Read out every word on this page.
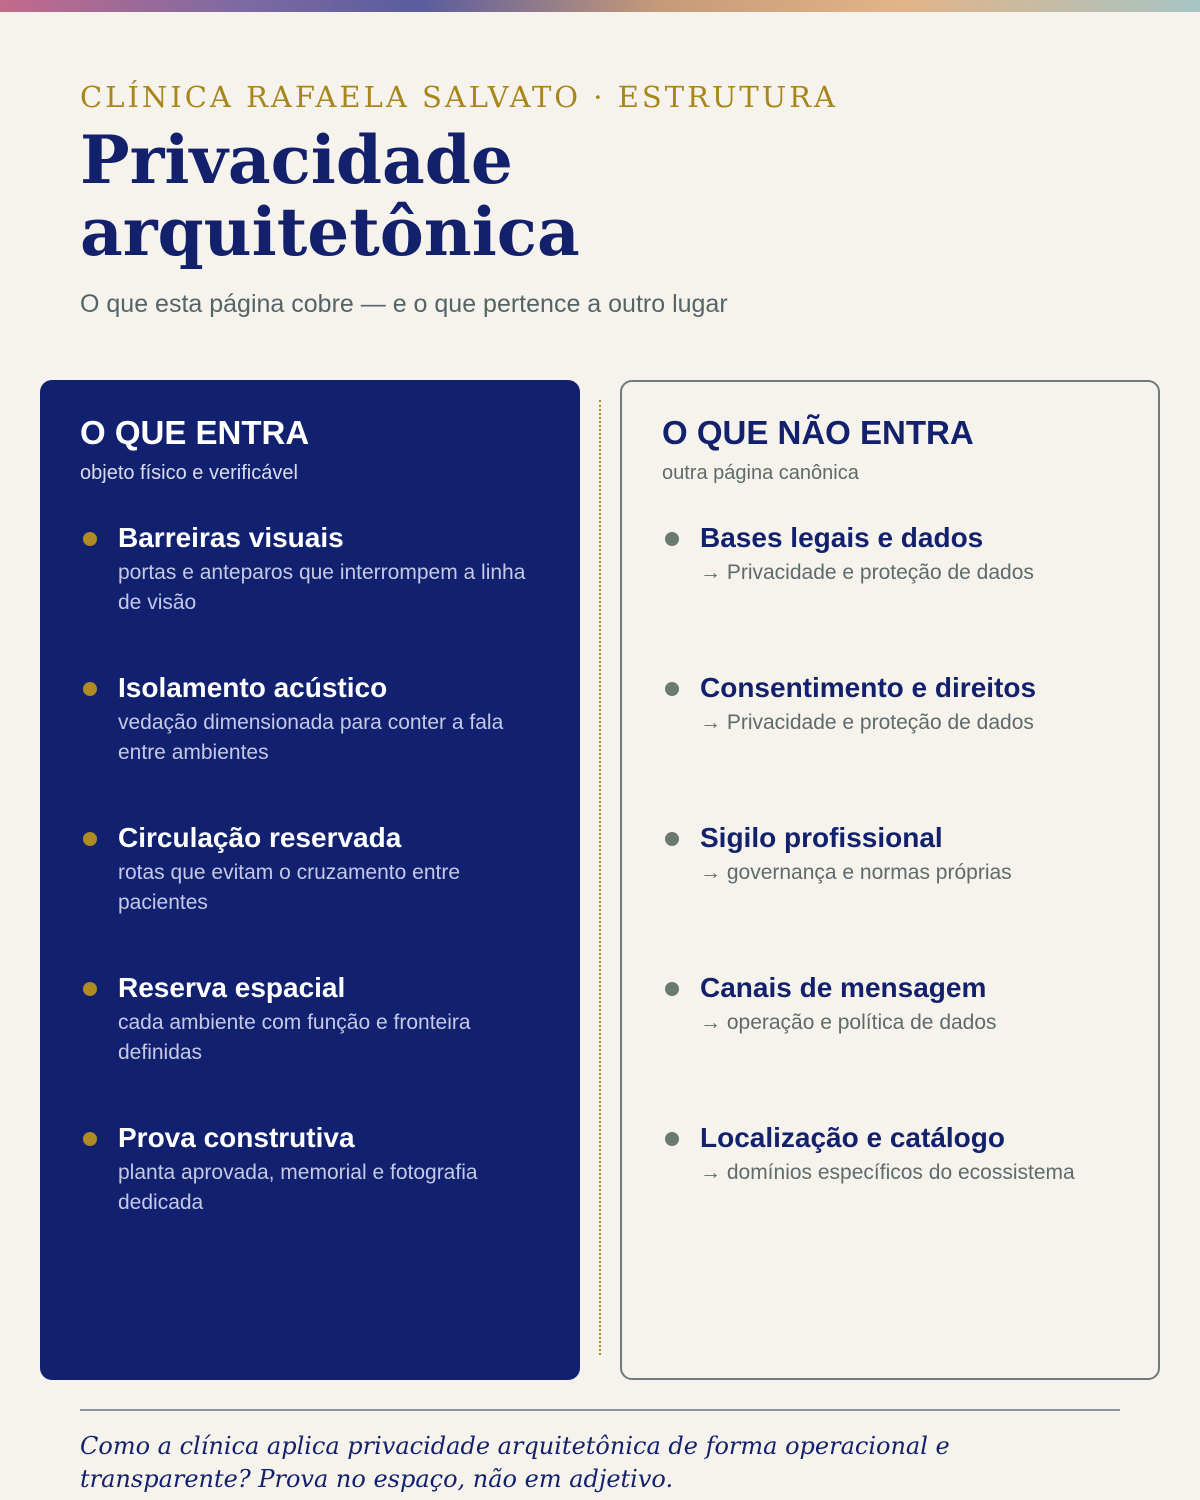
CLÍNICA RAFAELA SALVATO · ESTRUTURA
Privacidade arquitetônica

O que esta página cobre — e o que pertence a outro lugar

O QUE ENTRA
objeto físico e verificável
Barreiras visuais
portas e anteparos que interrompem a linha de visão
Isolamento acústico
vedação dimensionada para conter a fala entre ambientes
Circulação reservada
rotas que evitam o cruzamento entre pacientes
Reserva espacial
cada ambiente com função e fronteira definidas
Prova construtiva
planta aprovada, memorial e fotografia dedicada
O QUE NÃO ENTRA
outra página canônica
Bases legais e dados
→ Privacidade e proteção de dados
Consentimento e direitos
→ Privacidade e proteção de dados
Sigilo profissional
→ governança e normas próprias
Canais de mensagem
→ operação e política de dados
Localização e catálogo
→ domínios específicos do ecossistema

Como a clínica aplica privacidade arquitetônica de forma operacional e transparente? Prova no espaço, não em adjetivo.
